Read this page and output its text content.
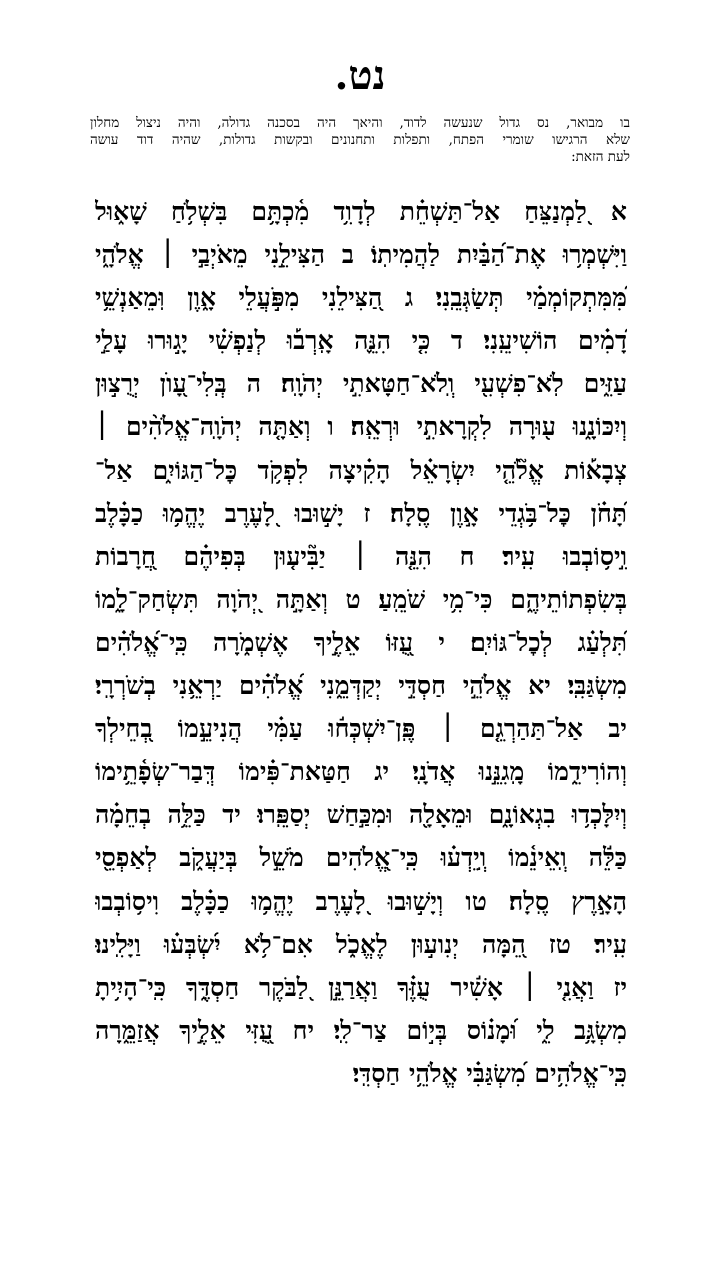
נט.
בו מבואר, נס גדול שנעשה לדוד, והיאך היה בסכנה גדולה, והיה ניצול מחלון
שלא הרגישו שומרי הפתח, ותפלות ותחנונים ובקשות גדולות, שהיה דוד עושה
לעת הזאת:
א לַ֭מְנַצֵּחַ אַל־תַּשְׁחֵ֗ת לְדָוִ֥ד מִ֫כְתָּ֥ם בִּשְׁלֹ֥חַ שָׁא֑וּל
וַיִּשְׁמְר֥וּ אֶת־הַ֝בַּ֗יִת לַהֲמִיתֽוֹ׃ ב הַצִּילֵ֣נִי מֵאֹיְבַ֣י ׀ אֱלֹהָ֑י
מִּ֝מִּתְקוֹמְמַ֗י תְּשַׂגְּבֵֽנִי׃ ג הַ֭צִּילֵנִי מִפֹּ֣עֲלֵי אָ֑וֶן וּֽמֵאַנְשֵׁ֥י
דָ֝מִ֗ים הוֹשִׁיעֵֽנִי׃ ד כִּ֤י הִנֵּ֪ה אָֽרְב֡וּ לְנַפְשִׁ֗י יָג֣וּרוּ עָלַ֣י
עַזִּ֑ים לֹֽא־פִשְׁעִ֖י וְֽלֹא־חַטָּאתִ֣י יְהֹוָֽה׃ ה בְּֽלִי־עָ֭וֺן יְרֻצ֣וּן
וְיִכּוֹנָ֑נוּ ע֖וּרָה לִקְרָאתִ֣י וּרְאֵֽה׃ ו וְאַתָּ֤ה יְהֹוָֽה־אֱלֹהִ֨ים ׀
צְבָא֡וֹת אֱלֹ֘הֵ֤י יִשְׂרָאֵ֗ל הָקִ֗יצָה לִפְקֹ֥ד כׇּל־הַגּוֹיִ֑ם אַל־
תָּ֝חֹ֗ן כׇּל־בֹּ֥גְדֵי אָ֣וֶן סֶֽלָה׃ ז יָשׁ֣וּבוּ לָ֭עֶרֶב יֶהֱמ֥וּ כַכָּ֗לֶב
וִ֣יס֥וֹבְבוּ עִֽיר׃ ח הִנֵּ֤ה ׀ יַבִּ֘יע֤וּן בְּפִיהֶ֗ם חֲ֭רָבוֹת
בְּשִׂפְתוֹתֵיהֶ֑ם כִּי־מִ֥י שֹׁמֵֽעַ׃ ט וְאַתָּ֣ה יְ֭הֹוָה תִּשְׂחַק־לָ֑מוֹ
תִּ֝לְעַ֗ג לְכׇל־גּוֹיִֽם׃ י עֻ֭זּוֹ אֵלֶ֣יךָ אֶשְׁמֹ֑רָה כִּֽי־אֱ֝לֹהִ֗ים
מִשְׂגַּבִּֽי׃ יא אֱלֹהֵ֣י חַסְדִּ֣י יְקַדְּמֵ֑נִי אֱ֝לֹהִ֗ים יַרְאֵ֥נִי בְשֹׁרְרָֽי׃
יב אַל־תַּהַרְגֵ֤ם ׀ פֶּֽן־יִשְׁכְּח֬וּ עַמִּ֗י הֲנִיעֵ֣מוֹ בְ֭חֵילְךָ
וְהוֹרִידֵ֑מוֹ מָֽגִנֵּ֣נוּ אֲדֹנָֽי׃ יג חַטַּאת־פִּ֗ימוֹ דְּֽבַר־שְׂפָ֫תֵ֥ימוֹ
וְיִלָּכְד֥וּ בִגְאוֹנָ֑ם וּמֵאָלָ֖ה וּמִכַּ֣חַשׁ יְסַפֵּֽרוּ׃ יד כַּלֵּ֥ה בְחֵמָ֗ה
כַּלֵּ֬ה וְֽאֵינֵ֫מוֹ וְֽיֵדְע֗וּ כִּֽי־אֱ֭לֹהִים מֹשֵׁ֣ל בְּיַעֲקֹ֑ב לְאַפְסֵ֖י
הָאָ֣רֶץ סֶֽלָה׃ טו וְיָשׁ֣וּבוּ לָ֭עֶרֶב יֶהֱמ֥וּ כַכָּ֗לֶב וִיס֥וֹבְבוּ
עִֽיר׃ טז הֵ֭מָּה יְנִוע֣וּן לֶאֱכֹ֑ל אִם־לֹ֥א יִ֝שְׂבְּע֗וּ וַיָּלִֽינוּ׃
יז וַאֲנִ֤י ׀ אָשִׁ֬יר עֻזֶּ֗ךָ וַאֲרַנֵּ֣ן לַ֭בֹּקֶר חַסְדֶּ֑ךָ כִּֽי־הָיִ֥יתָ
מִשְׂגָּ֥ב לִ֑י וּ֝מָנ֗וֹס בְּי֣וֹם צַר־לִֽי׃ יח עֻ֭זִּי אֵלֶ֣יךָ אֲזַמֵּ֑רָה
כִּֽי־אֱלֹהִ֥ים מִ֝שְׂגַּבִּ֗י אֱלֹהֵ֥י חַסְדִּֽי׃
